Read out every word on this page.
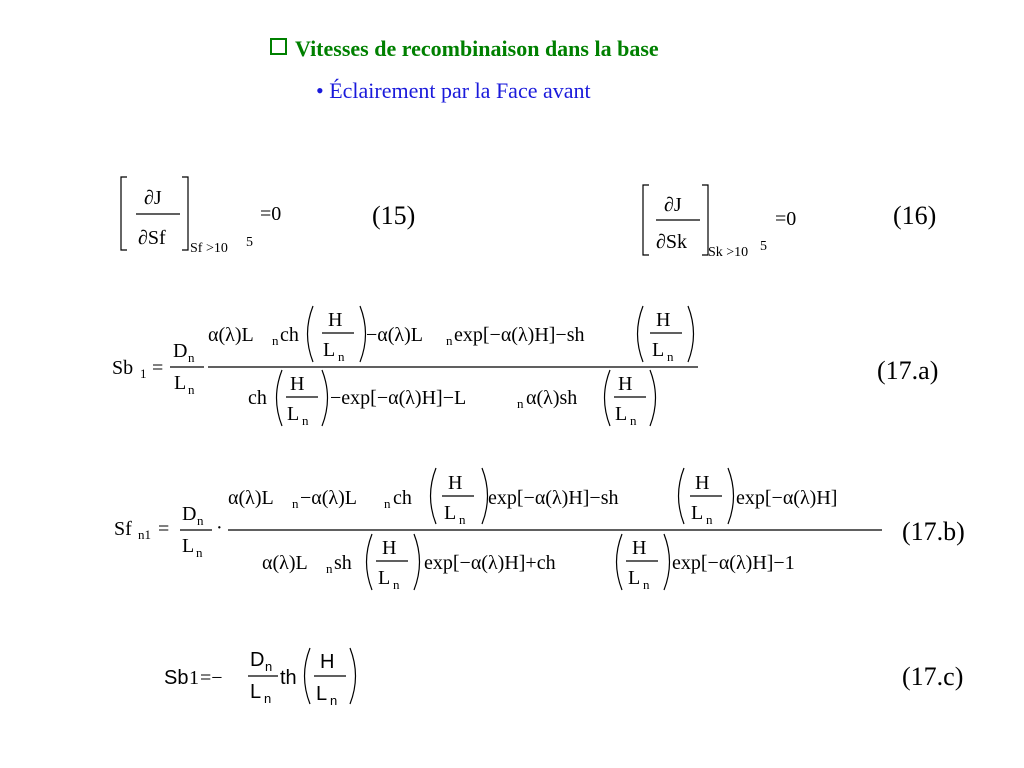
Vitesses de recombinaison dans la base
• Éclairement par la Face avant
∂J
∂Sf Sf >10 5
=0	(15)	∂J
∂Sk Sk >10 5
=0	(16)
Sb 1 =
D n
L n
α(λ)L n ch
H
L n
−α(λ)L n exp[−α(λ)H]−sh
H
L n
ch
H
L n
−exp[−α(λ)H]−L	n α(λ)sh
H
L n
(17.a)
Sf n1 =
D n
L n
·
α(λ)L n −α(λ)L n ch
H
L n
exp[−α(λ)H]−sh
H
L n
exp[−α(λ)H]
α(λ)L n sh
H
L n
exp[−α(λ)H]+ch
H
L n
exp[−α(λ)H]−1
(17.b)
Sb 1 =−
D n
L n
th
H
L n
(17.c)
